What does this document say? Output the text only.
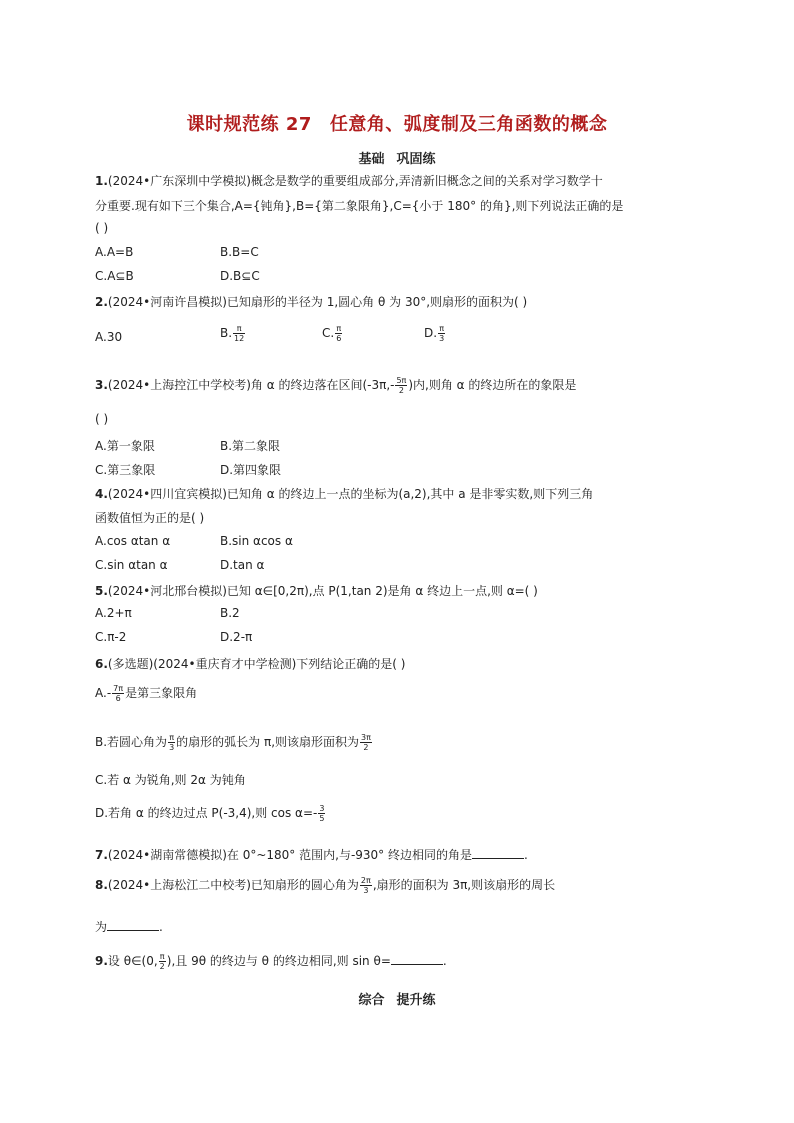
课时规范练 27 任意角、弧度制及三角函数的概念
基础 巩固练
1.(2024•广东深圳中学模拟)概念是数学的重要组成部分,弄清新旧概念之间的关系对学习数学十
分重要.现有如下三个集合,A={钝角},B={第二象限角},C={小于 180° 的角},则下列说法正确的是
( )
A.A=B	B.B=C
C.A⊆B	D.B⊆C
2.(2024•河南许昌模拟)已知扇形的半径为 1,圆心角 θ 为 30°,则扇形的面积为( )
A.30	B. $\frac{\pi}{12}$	C. $\frac{\pi}{6}$	D. $\frac{\pi}{3}$
3.(2024•上海控江中学校考)角 α 的终边落在区间($-3\pi,- \frac{5\pi}{2}$ )内,则角 α 的终边所在的象限是
( )
A.第一象限	B.第二象限
C.第三象限	D.第四象限
4.(2024•四川宜宾模拟)已知角 α 的终边上一点的坐标为(a,2),其中 a 是非零实数,则下列三角
函数值恒为正的是( )
A.cos αtan α	B.sin αcos α
C.sin αtan α	D.tan α
5.(2024•河北邢台模拟)已知 α∈[0,2π),点 P(1,tan 2)是角 α 终边上一点,则 α=( )
A.2+π	B.2
C.π-2	D.2-π
6.(多选题)(2024•重庆育才中学检测)下列结论正确的是( )
$A.- \frac{7\pi}{6}$ 是第三象限角
B.若圆心角为 $\frac{\pi}{3}$ 的扇形的弧长为 π,则该扇形面积为 $\frac{3\pi}{2}$
C.若 α 为锐角,则 2α 为钝角
D.若角 α 的终边过点 P(-3,4),则 $\cos \alpha=- \frac{3}{5}$
7.(2024•湖南常德模拟)在 0°~180° 范围内,与-930° 终边相同的角是	.
8.(2024•上海松江二中校考)已知扇形的圆心角为 $\frac{2\pi}{3}$ ,扇形的面积为 3π,则该扇形的周长
为	.
9.设 θ∈(0, $\frac{\pi}{2}$ ),且 9θ 的终边与 θ 的终边相同,则 sin θ=	.
综合 提升练
